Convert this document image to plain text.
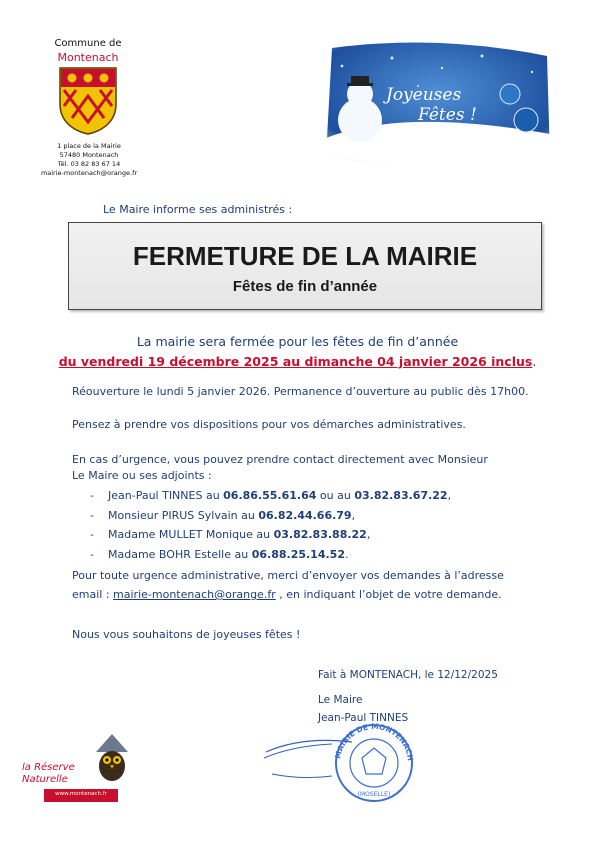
Commune de
Montenach
1 place de la Mairie
57480 Montenach
Tél. 03 82 83 67 14
mairie-montenach@orange.fr
Joyeuses
Fêtes !
Le Maire informe ses administrés :
FERMETURE DE LA MAIRIE
Fêtes de fin d’année
La mairie sera fermée pour les fêtes de fin d’année
du vendredi 19 décembre 2025 au dimanche 04 janvier 2026 inclus.
Réouverture le lundi 5 janvier 2026. Permanence d’ouverture au public dès 17h00.
Pensez à prendre vos dispositions pour vos démarches administratives.
En cas d’urgence, vous pouvez prendre contact directement avec Monsieur
Le Maire ou ses adjoints :
- Jean-Paul TINNES au 06.86.55.61.64 ou au 03.82.83.67.22,
- Monsieur PIRUS Sylvain au 06.82.44.66.79,
- Madame MULLET Monique au 03.82.83.88.22,
- Madame BOHR Estelle au 06.88.25.14.52.
Pour toute urgence administrative, merci d’envoyer vos demandes à l’adresse
email : mairie-montenach@orange.fr , en indiquant l’objet de votre demande.
Nous vous souhaitons de joyeuses fêtes !
Fait à MONTENACH, le 12/12/2025
Le Maire
Jean-Paul TINNES
MAIRIE DE MONTENACH
(MOSELLE)
la Réserve
Naturelle
www.montenach.fr
